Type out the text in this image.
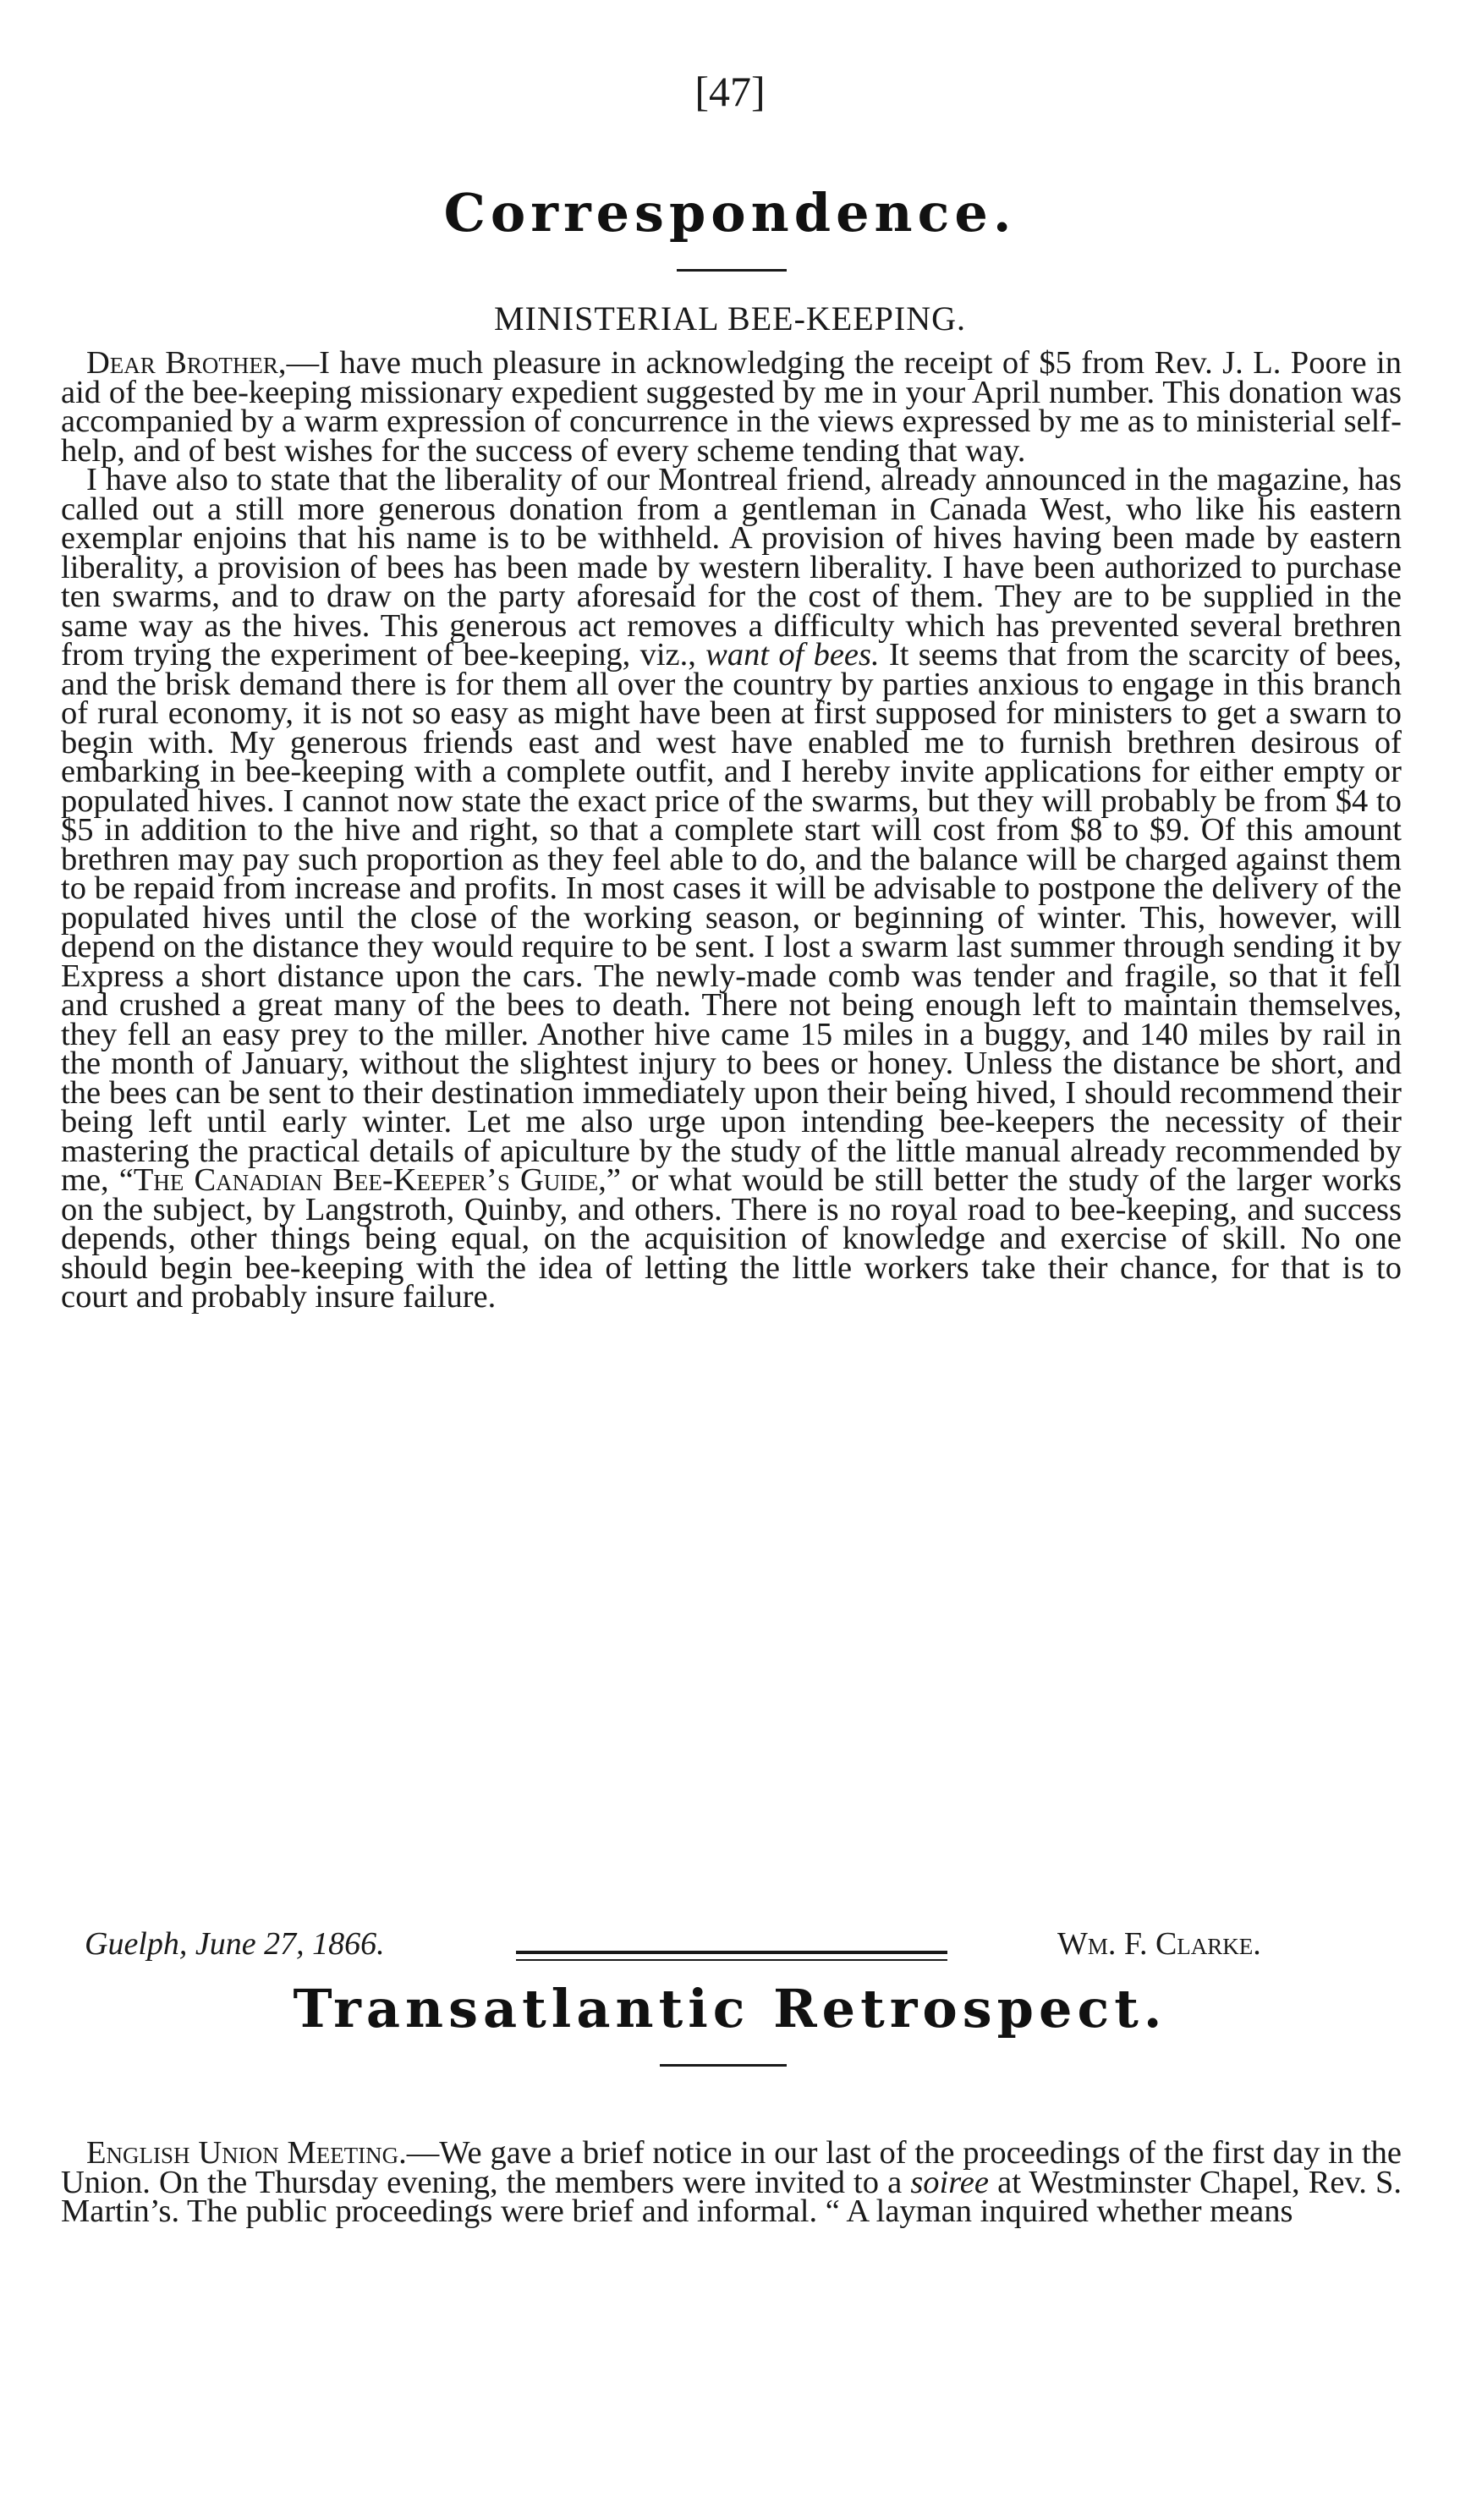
[47]
Correspondence.
MINISTERIAL BEE-KEEPING.

Dear Brother,—I have much pleasure in acknowledging the receipt of $5 from Rev. J. L. Poore in aid of the bee-keeping missionary expedient suggested by me in your April number. This donation was accompanied by a warm expression of concurrence in the views expressed by me as to ministerial self-help, and of best wishes for the success of every scheme tending that way.

I have also to state that the liberality of our Montreal friend, already announced in the magazine, has called out a still more generous donation from a gentleman in Canada West, who like his eastern exemplar enjoins that his name is to be withheld. A provision of hives having been made by eastern liberality, a provision of bees has been made by western liberality. I have been authorized to purchase ten swarms, and to draw on the party aforesaid for the cost of them. They are to be supplied in the same way as the hives. This generous act removes a difficulty which has prevented several brethren from trying the experiment of bee-keeping, viz., want of bees. It seems that from the scarcity of bees, and the brisk demand there is for them all over the country by parties anxious to engage in this branch of rural economy, it is not so easy as might have been at first supposed for ministers to get a swarn to begin with. My generous friends east and west have enabled me to furnish brethren desirous of embarking in bee-keeping with a complete outfit, and I hereby invite applications for either empty or populated hives. I cannot now state the exact price of the swarms, but they will probably be from $4 to $5 in addition to the hive and right, so that a complete start will cost from $8 to $9. Of this amount brethren may pay such proportion as they feel able to do, and the balance will be charged against them to be repaid from increase and profits. In most cases it will be advisable to postpone the delivery of the populated hives until the close of the working season, or beginning of winter. This, however, will depend on the distance they would require to be sent. I lost a swarm last summer through sending it by Express a short distance upon the cars. The newly-made comb was tender and fragile, so that it fell and crushed a great many of the bees to death. There not being enough left to maintain themselves, they fell an easy prey to the miller. Another hive came 15 miles in a buggy, and 140 miles by rail in the month of January, without the slightest injury to bees or honey. Unless the distance be short, and the bees can be sent to their destination immediately upon their being hived, I should recommend their being left until early winter. Let me also urge upon intending bee-keepers the necessity of their mastering the practical details of apiculture by the study of the little manual already recommended by me, “The Canadian Bee-Keeper’s Guide,” or what would be still better the study of the larger works on the subject, by Langstroth, Quinby, and others. There is no royal road to bee-keeping, and success depends, other things being equal, on the acquisition of knowledge and exercise of skill. No one should begin bee-keeping with the idea of letting the little workers take their chance, for that is to court and probably insure failure.

Guelph, June 27, 1866.	Wm. F. Clarke.
Transatlantic Retrospect.

English Union Meeting.—We gave a brief notice in our last of the proceedings of the first day in the Union. On the Thursday evening, the members were invited to a soiree at Westminster Chapel, Rev. S. Martin’s. The public proceedings were brief and informal. “ A layman inquired whether means
